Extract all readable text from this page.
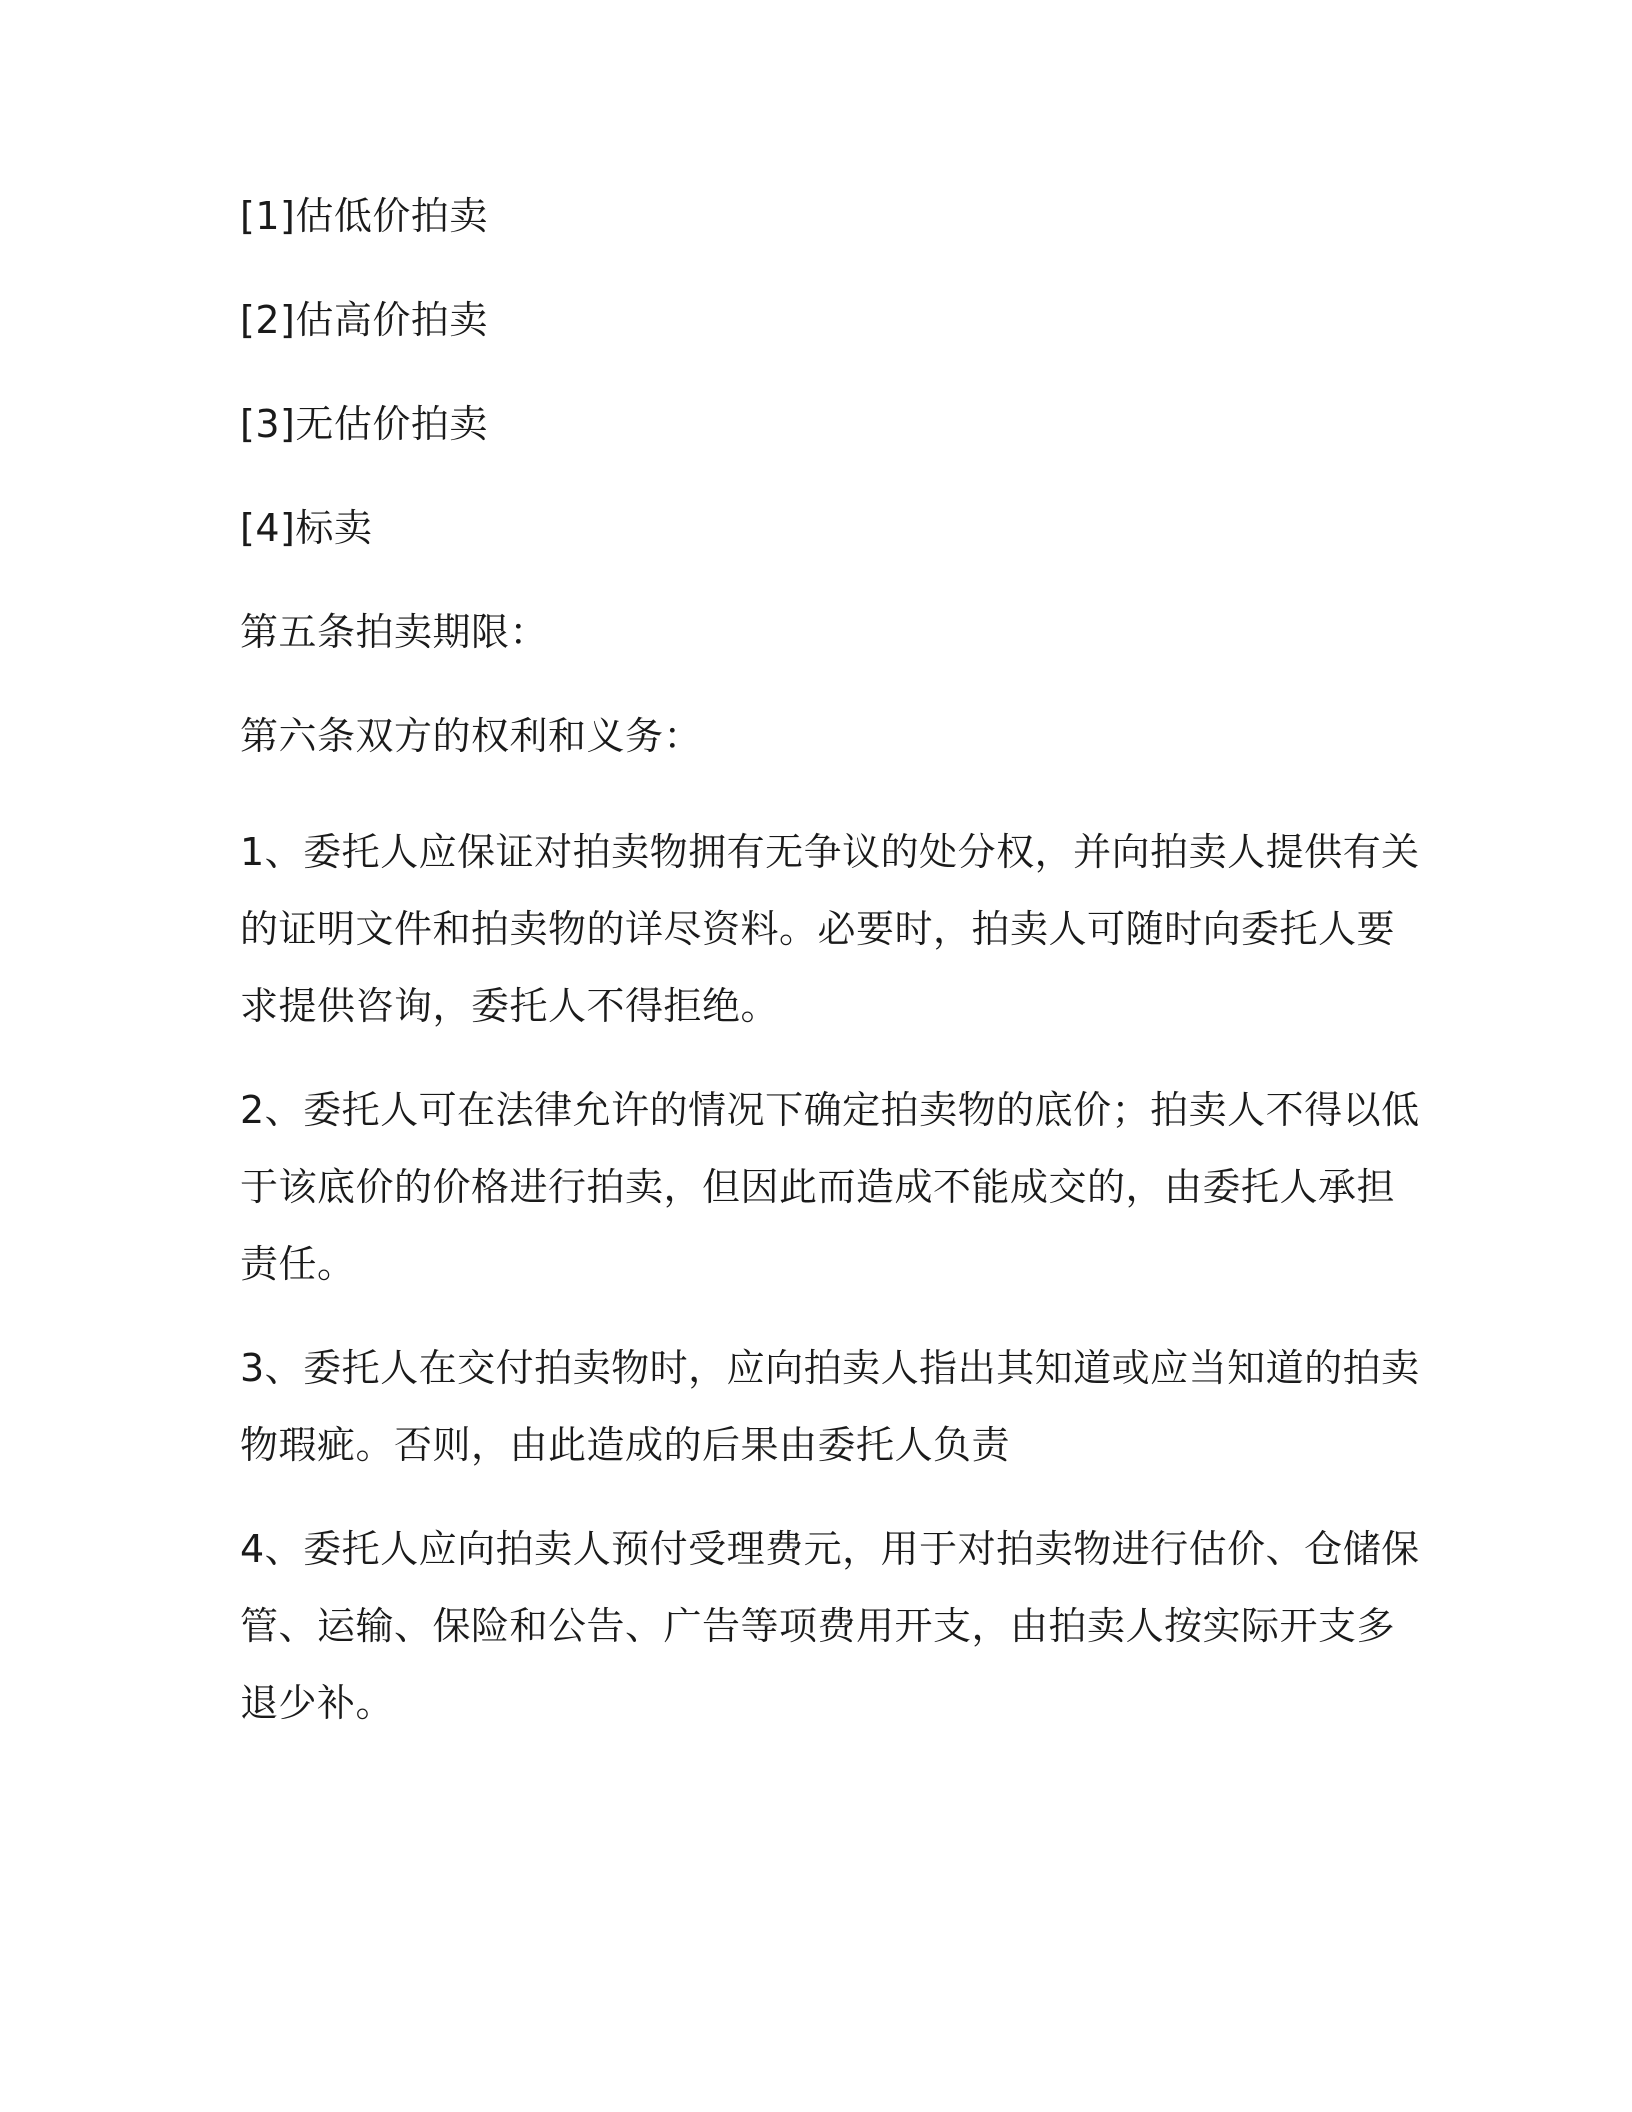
[1]估低价拍卖
[2]估高价拍卖
[3]无估价拍卖
[4]标卖
第五条拍卖期限：
第六条双方的权利和义务：
1、委托人应保证对拍卖物拥有无争议的处分权，并向拍卖人提供有关
的证明文件和拍卖物的详尽资料。必要时，拍卖人可随时向委托人要
求提供咨询，委托人不得拒绝。
2、委托人可在法律允许的情况下确定拍卖物的底价；拍卖人不得以低
于该底价的价格进行拍卖，但因此而造成不能成交的，由委托人承担
责任。
3、委托人在交付拍卖物时，应向拍卖人指出其知道或应当知道的拍卖
物瑕疵。否则，由此造成的后果由委托人负责
4、委托人应向拍卖人预付受理费元，用于对拍卖物进行估价、仓储保
管、运输、保险和公告、广告等项费用开支，由拍卖人按实际开支多
退少补。
